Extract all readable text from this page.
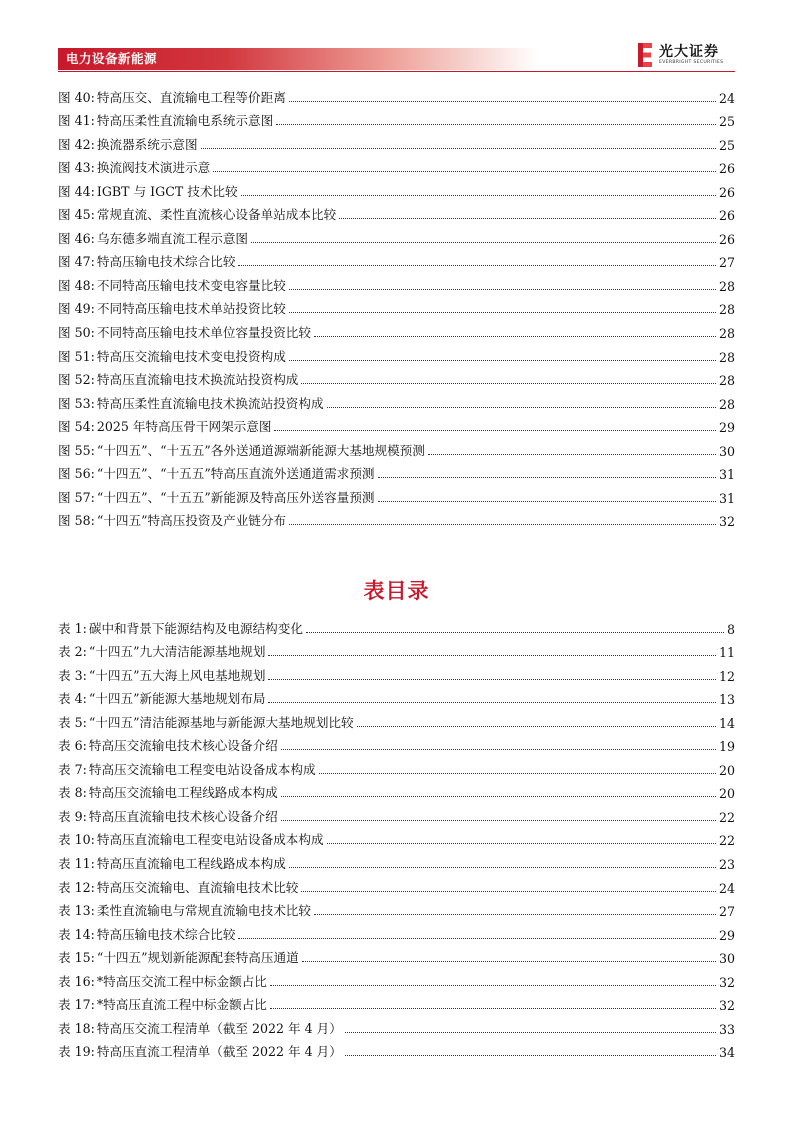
电力设备新能源	光大证券
EVERBRIGHT SECURITIES
图 40: 特高压交、直流输电工程等价距离	24
图 41: 特高压柔性直流输电系统示意图	25
图 42: 换流器系统示意图	25
图 43: 换流阀技术演进示意	26
图 44: IGBT 与 IGCT 技术比较	26
图 45: 常规直流、柔性直流核心设备单站成本比较	26
图 46: 乌东德多端直流工程示意图	26
图 47: 特高压输电技术综合比较	27
图 48: 不同特高压输电技术变电容量比较	28
图 49: 不同特高压输电技术单站投资比较	28
图 50: 不同特高压输电技术单位容量投资比较	28
图 51: 特高压交流输电技术变电投资构成	28
图 52: 特高压直流输电技术换流站投资构成	28
图 53: 特高压柔性直流输电技术换流站投资构成	28
图 54: 2025 年特高压骨干网架示意图	29
图 55: “十四五”、“十五五”各外送通道源端新能源大基地规模预测	30
图 56: “十四五”、“十五五”特高压直流外送通道需求预测	31
图 57: “十四五”、“十五五”新能源及特高压外送容量预测	31
图 58: “十四五”特高压投资及产业链分布	32
表目录
表 1: 碳中和背景下能源结构及电源结构变化	8
表 2: “十四五”九大清洁能源基地规划	11
表 3: “十四五”五大海上风电基地规划	12
表 4: “十四五”新能源大基地规划布局	13
表 5: “十四五”清洁能源基地与新能源大基地规划比较	14
表 6: 特高压交流输电技术核心设备介绍	19
表 7: 特高压交流输电工程变电站设备成本构成	20
表 8: 特高压交流输电工程线路成本构成	20
表 9: 特高压直流输电技术核心设备介绍	22
表 10: 特高压直流输电工程变电站设备成本构成	22
表 11: 特高压直流输电工程线路成本构成	23
表 12: 特高压交流输电、直流输电技术比较	24
表 13: 柔性直流输电与常规直流输电技术比较	27
表 14: 特高压输电技术综合比较	29
表 15: “十四五”规划新能源配套特高压通道	30
表 16: *特高压交流工程中标金额占比	32
表 17: *特高压直流工程中标金额占比	32
表 18: 特高压交流工程清单（截至 2022 年 4 月）	33
表 19: 特高压直流工程清单（截至 2022 年 4 月）	34
